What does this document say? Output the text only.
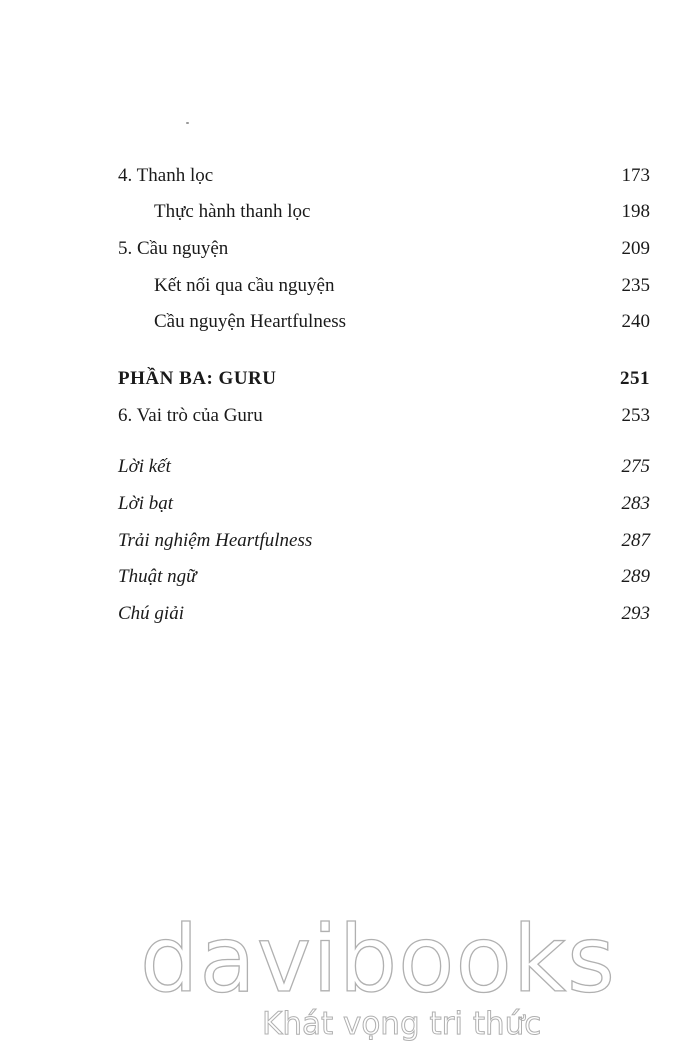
4. Thanh lọc	173
Thực hành thanh lọc	198
5. Cầu nguyện	209
Kết nối qua cầu nguyện	235
Cầu nguyện Heartfulness	240
PHẦN BA: GURU	251
6. Vai trò của Guru	253
Lời kết	275
Lời bạt	283
Trải nghiệm Heartfulness	287
Thuật ngữ	289
Chú giải	293
davibooks
Khát vọng tri thức
